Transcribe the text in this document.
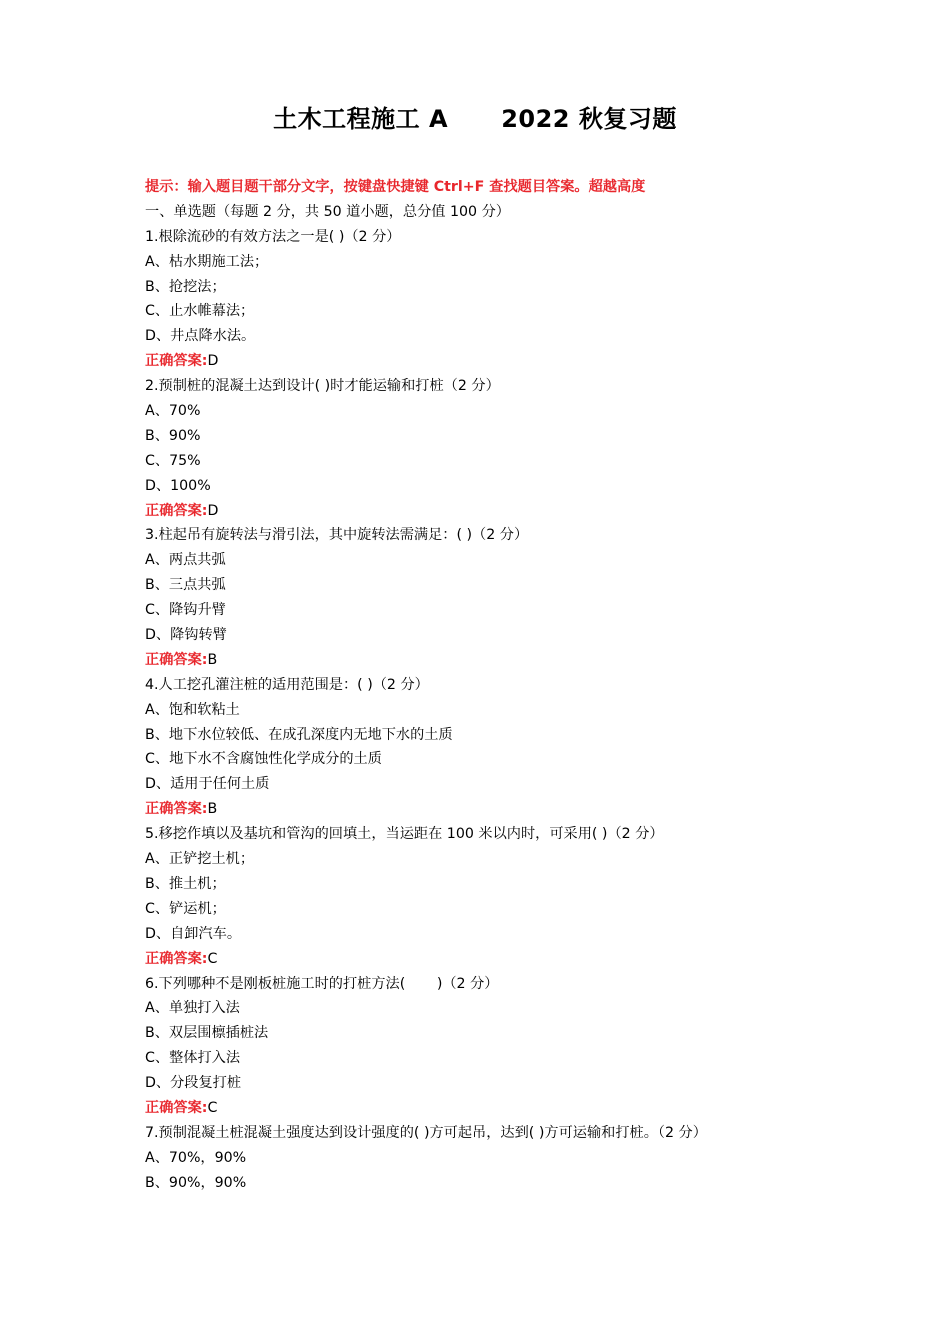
土木工程施工 A      2022 秋复习题
提示：输入题目题干部分文字，按键盘快捷键 Ctrl+F 查找题目答案。超越高度
一、单选题（每题 2 分，共 50 道小题，总分值 100 分）
1.根除流砂的有效方法之一是( )（2 分）
A、枯水期施工法；
B、抢挖法；
C、止水帷幕法；
D、井点降水法。
正确答案:D
2.预制桩的混凝土达到设计( )时才能运输和打桩（2 分）
A、70%
B、90%
C、75%
D、100%
正确答案:D
3.柱起吊有旋转法与滑引法，其中旋转法需满足：( )（2 分）
A、两点共弧
B、三点共弧
C、降钩升臂
D、降钩转臂
正确答案:B
4.人工挖孔灌注桩的适用范围是：( )（2 分）
A、饱和软粘土
B、地下水位较低、在成孔深度内无地下水的土质
C、地下水不含腐蚀性化学成分的土质
D、适用于任何土质
正确答案:B
5.移挖作填以及基坑和管沟的回填土，当运距在 100 米以内时，可采用( )（2 分）
A、正铲挖土机；
B、推土机；
C、铲运机；
D、自卸汽车。
正确答案:C
6.下列哪种不是刚板桩施工时的打桩方法(       )（2 分）
A、单独打入法
B、双层围檩插桩法
C、整体打入法
D、分段复打桩
正确答案:C
7.预制混凝土桩混凝土强度达到设计强度的( )方可起吊，达到( )方可运输和打桩。（2 分）
A、70%，90%
B、90%，90%
